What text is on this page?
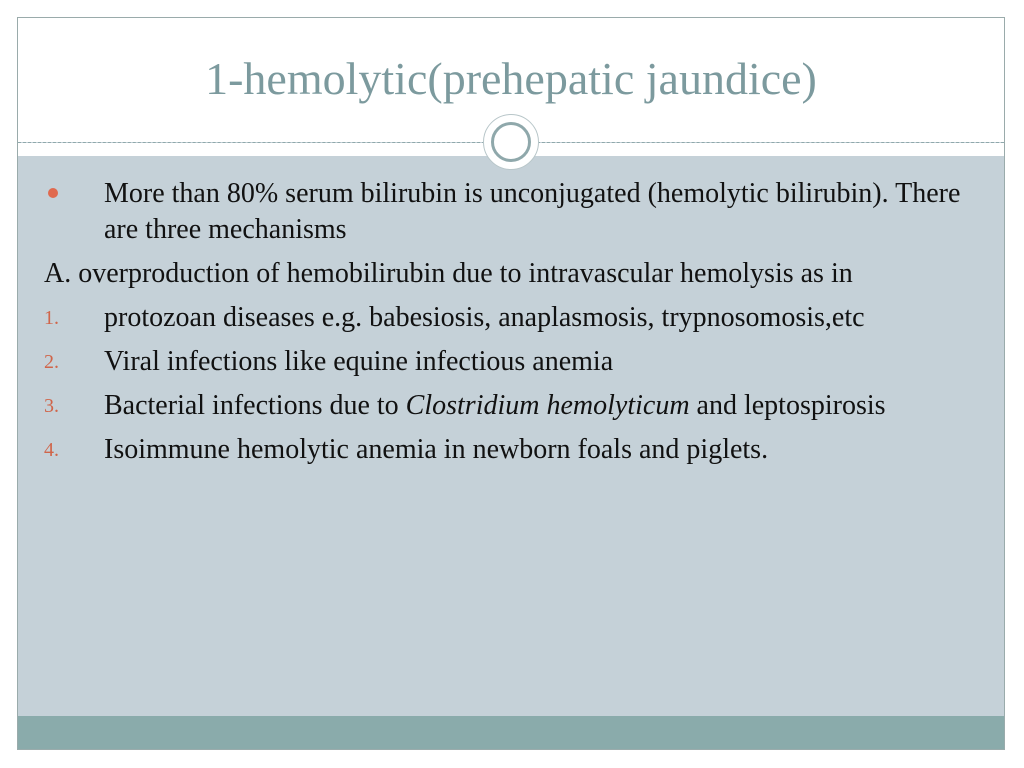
1-hemolytic(prehepatic jaundice)
More than 80% serum bilirubin is unconjugated (hemolytic bilirubin). There are three mechanisms
A. overproduction of hemobilirubin due to intravascular hemolysis as in
1. protozoan diseases e.g. babesiosis, anaplasmosis, trypnosomosis,etc
2. Viral infections like equine infectious anemia
3. Bacterial infections due to Clostridium hemolyticum and leptospirosis
4. Isoimmune hemolytic anemia in newborn foals and piglets.
